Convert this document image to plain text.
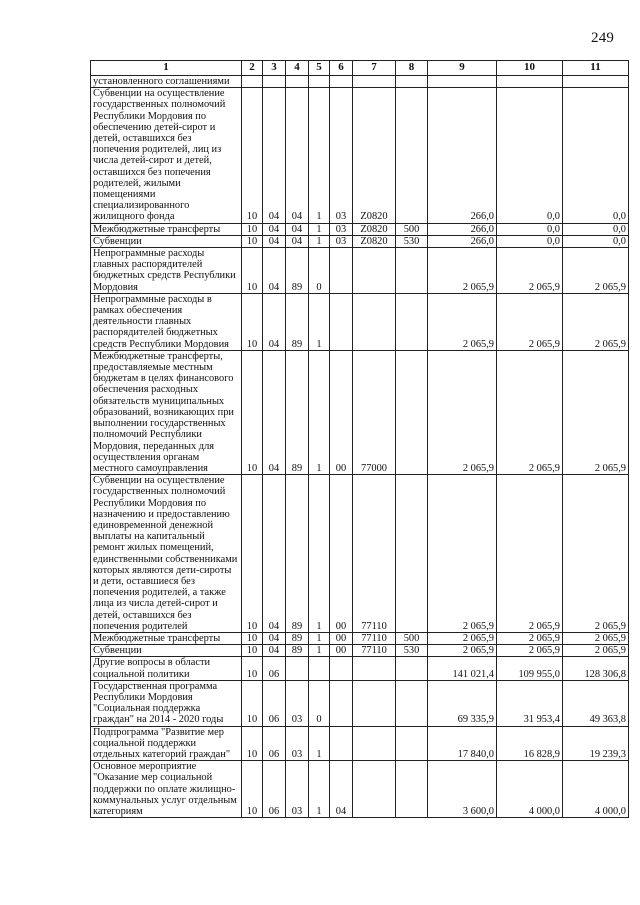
249
1	2	3	4	5	6	7	8	9	10	11
установленного соглашениями										
Субвенции на осуществление государственных полномочий Республики Мордовия по обеспечению детей-сирот и детей, оставшихся без попечения родителей, лиц из числа детей-сирот и детей, оставшихся без попечения родителей, жилыми помещениями специализированного жилищного фонда	10	04	04	1	03	Z0820		266,0	0,0	0,0
Межбюджетные трансферты	10	04	04	1	03	Z0820	500	266,0	0,0	0,0
Субвенции	10	04	04	1	03	Z0820	530	266,0	0,0	0,0
Непрограммные расходы главных распорядителей бюджетных средств Республики Мордовия	10	04	89	0				2 065,9	2 065,9	2 065,9
Непрограммные расходы в рамках обеспечения деятельности главных распорядителей бюджетных средств Республики Мордовия	10	04	89	1				2 065,9	2 065,9	2 065,9
Межбюджетные трансферты, предоставляемые местным бюджетам в целях финансового обеспечения расходных обязательств муниципальных образований, возникающих при выполнении государственных полномочий Республики Мордовия, переданных для осуществления органам местного самоуправления	10	04	89	1	00	77000		2 065,9	2 065,9	2 065,9
Субвенции на осуществление государственных полномочий Республики Мордовия по назначению и предоставлению единовременной денежной выплаты на капитальный ремонт жилых помещений, единственными собственниками которых являются дети-сироты и дети, оставшиеся без попечения родителей, а также лица из числа детей-сирот и детей, оставшихся без попечения родителей	10	04	89	1	00	77110		2 065,9	2 065,9	2 065,9
Межбюджетные трансферты	10	04	89	1	00	77110	500	2 065,9	2 065,9	2 065,9
Субвенции	10	04	89	1	00	77110	530	2 065,9	2 065,9	2 065,9
Другие вопросы в области социальной политики	10	06						141 021,4	109 955,0	128 306,8
Государственная программа Республики Мордовия "Социальная поддержка граждан" на 2014 - 2020 годы	10	06	03	0				69 335,9	31 953,4	49 363,8
Подпрограмма "Развитие мер социальной поддержки отдельных категорий граждан"	10	06	03	1				17 840,0	16 828,9	19 239,3
Основное мероприятие "Оказание мер социальной поддержки по оплате жилищно-коммунальных услуг отдельным категориям	10	06	03	1	04			3 600,0	4 000,0	4 000,0
